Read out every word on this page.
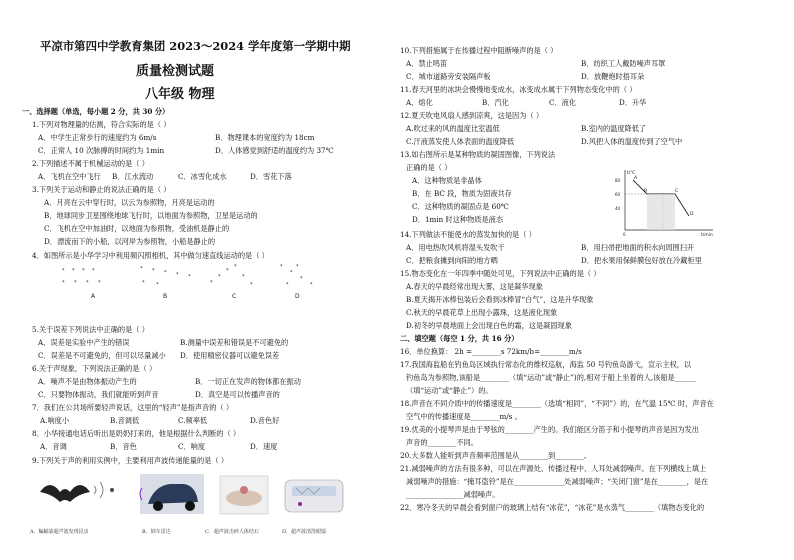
平凉市第四中学教育集团 2023～2024 学年度第一学期中期
质量检测试题
八年级 物理
一、选择题（单选，每小题 2 分，共 30 分）
1.下列对物理量的估测，符合实际的是（ ）
A．中学生正常步行的速度约为 6m/s	B．物理课本的宽度约为 18cm
C．正常人 10 次脉搏的时间约为 1min	D．人体感觉到舒适的温度约为 37℃
2.下列描述不属于机械运动的是（ ）
A．飞机在空中飞行 B．江水流动	C．冰雪化成水	D．雪花下落
3.下列关于运动和静止的说法正确的是（ ）
A．月亮在云中穿行时，以云为参照物，月亮是运动的
B．地球同步卫星围绕地球飞行时，以地面为参照物，卫星是运动的
C．飞机在空中加油时，以地面为参照物，受油机是静止的
D．漂流而下的小船，以河岸为参照物，小船是静止的
4．如图所示是小华学习中利用频闪照相机，其中做匀速直线运动的是（ ）
* * * *
* * * *
* * * * *
* *	*
*
*
*
*
*
*
*
*
*
*
*
A	B	C	D
5.关于误差下列说法中正确的是（ ）
A．误差是实验中产生的错误	B.测量中误差和错误是不可避免的
C．误差是不可避免的，但可以尽量减小 D．使用精密仪器可以避免误差
6.关于声现象，下列说法正确的是（ ）
A．噪声不是由物体振动产生的	B．一切正在发声的物体都在振动
C．只要物体振动，我们就能听到声音	D．真空是可以传播声音的
7．我们在公共场所要轻声说话，这里的“轻声”是指声音的（ ）
A.响度小	B.音调低	C.频率低	D.音色好
8．小华接通电话后听出是奶奶打来的，他是根据什么判断的（ ）
A．音调	B．音色	C．响度	D．速度
9.下列关于声的利用实例中，主要利用声波传递能量的是（ ）
A．蝙蝠靠超声波发现昆虫	B．倒车雷达	C．超声波击碎人体结石	D．超声波清洗眼镜
10.下列措施属于在传播过程中阻断噪声的是（ ）
A．禁止鸣笛	B．纺织工人戴防噪声耳罩
C．城市道路旁安装隔声板	D．放鞭炮时捂耳朵
11.春天河里的冰块会慢慢地变成水，冰变成水属于下列物态变化中的（ ）
A．熔化	B．汽化	C．液化	D．升华
12.夏天吹电风扇人感到凉爽，这是因为（ ）
A.吹过来的风的温度比室温低	B.室内的温度降低了
C.汗液蒸发使人体表面的温度降低	D.风把人体的温度传到了空气中
13.如右图所示是某种物质的凝固图像，下列说法
正确的是（ ）
A．这种物质是非晶体
B．在 BC 段，物质为固液共存
C．这种物质的凝固点是 60℃
D．1min 时这种物质是液态
t/℃
t/min
80
60
40
0
A
B	C
D
14.下列做法不能使水的蒸发加快的是（ ）
A．用电热吹风机将湿头发吹干	B．用扫帚把地面的积水向周围扫开
C．把粮食摊到向阳的地方晒	D．把水果用保鲜膜包好放在冷藏柜里
15.物态变化在一年四季中随处可见，下列说法中正确的是（ ）
A.春天的早晨经常出现大雾，这是凝华现象
B.夏天揭开冰棒包装后会看到冰棒冒“白气”，这是升华现象
C.秋天的早晨花草上出现小露珠，这是液化现象
D.初冬的早晨地面上会出现白色的霜，这是凝固现象
二、填空题（每空 1 分，共 16 分）
16．单位换算： 2h =________s 72km/h=________m/s
17.我国海监船在钓鱼岛区域执行常态化的维权巡航，海监 50 号钓鱼岛游弋，宣示主权，以
钓鱼岛为参照物,该船是________（填“运动”或“静止”)的,相对于船上坐着的人,该船是______
（填“运动”或“静止”）的。
18.声音在不同介质中的传播速度是________（选填“相同”，“不同”）的，在气温 15℃ 时，声音在
空气中的传播速度是________m/s 。
19.优美的小提琴声是由于琴弦的________产生的。我们能区分笛子和小提琴的声音是因为发出
声音的________不同。
20.大多数人能听到声音频率范围是从________到________。
21.减弱噪声的方法有很多种，可以在声源处、传播过程中、人耳处减弱噪声。在下列横线上填上
减弱噪声的措施：“掩耳盗铃”是在______________处减弱噪声；“关闭门窗”是在________，是在
________________减弱噪声。
22．寒冷冬天的早晨会看到窗户的玻璃上结有“冰花”，“冰花”是水蒸气________（填物态变化的
